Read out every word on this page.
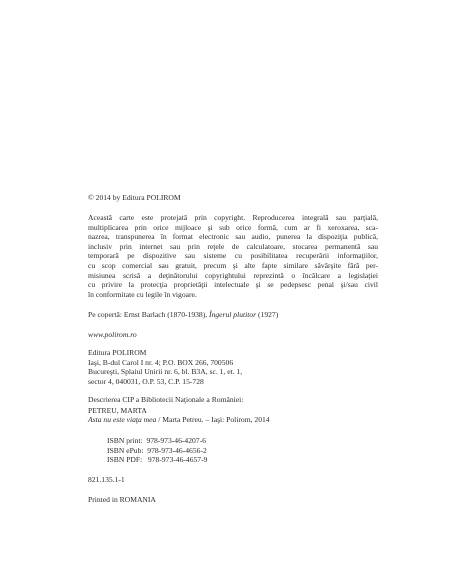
© 2014 by Editura POLIROM
Această carte este protejată prin copyright. Reproducerea integrală sau parţială,
multiplicarea prin orice mijloace şi sub orice formă, cum ar fi xeroxarea, sca-
nazrea, transpunerea în format electronic sau audio, punerea la dispoziţia publică,
inclusiv prin internet sau prin reţele de calculatoare, stocarea permanentă sau
temporară pe dispozitive sau sisteme cu posibilitatea recuperării informaţiilor,
cu scop comercial sau gratuit, precum şi alte fapte similare săvârşite fără per-
misiunea scrisă a deţinătorului copyrightului reprezintă o încălcare a legislaţiei
cu privire la protecţia proprietăţii intelectuale şi se pedepsesc penal şi/sau civil
în conformitate cu legile în vigoare.
Pe copertă: Ernst Barlach (1870-1938), Îngerul plutitor (1927)
www.polirom.ro
Editura POLIROM
Iaşi, B-dul Carol I nr. 4; P.O. BOX 266, 700506
Bucureşti, Splaiul Unirii nr. 6, bl. B3A, sc. 1, et. 1,
sector 4, 040031, O.P. 53, C.P. 15-728
Descrierea CIP a Bibliotecii Naţionale a României:
PETREU, MARTA
Asta nu este viaţa mea / Marta Petreu. – Iaşi: Polirom, 2014
ISBN print:  978-973-46-4207-6
ISBN ePub:  978-973-46-4656-2
ISBN PDF:   978-973-46-4657-9
821.135.1-1
Printed in ROMANIA
